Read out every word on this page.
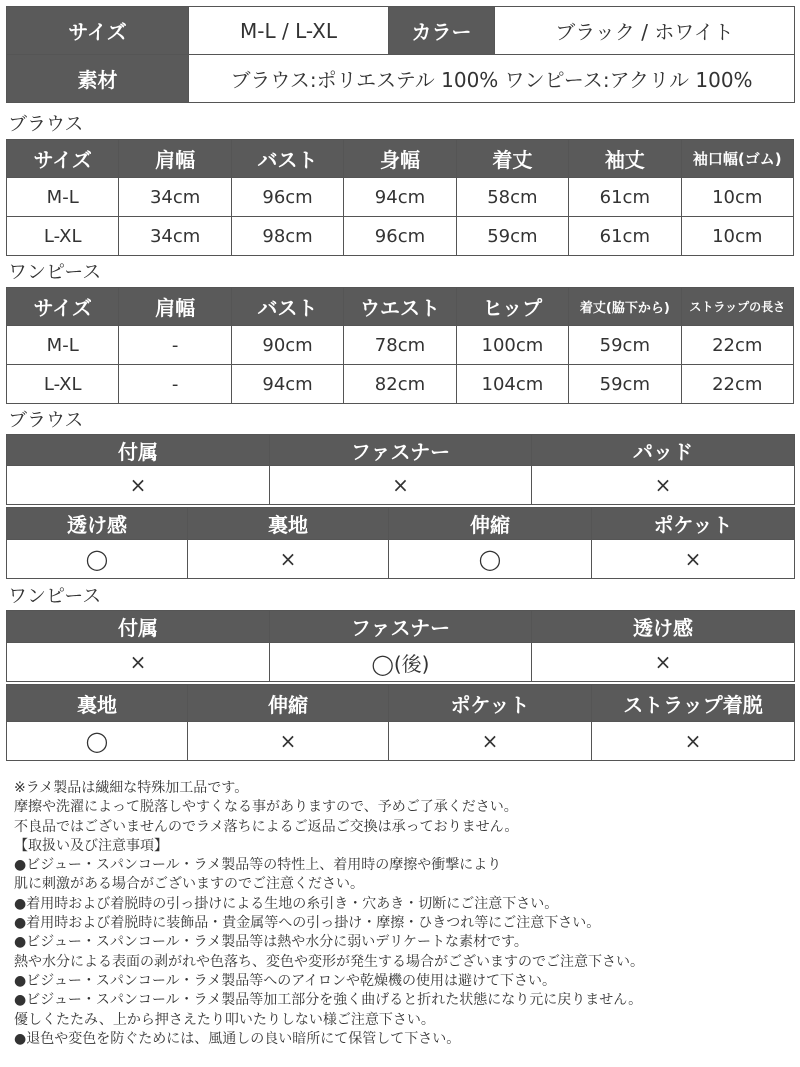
サイズ	M-L / L-XL	カラー	ブラック / ホワイト
素材	ブラウス:ポリエステル 100% ワンピース:アクリル 100%		
ブラウス
サイズ	肩幅	バスト	身幅	着丈	袖丈	袖口幅(ゴム)
M-L	34cm	96cm	94cm	58cm	61cm	10cm
L-XL	34cm	98cm	96cm	59cm	61cm	10cm
ワンピース
サイズ	肩幅	バスト	ウエスト	ヒップ	着丈(脇下から)	ストラップの長さ
M-L	-	90cm	78cm	100cm	59cm	22cm
L-XL	-	94cm	82cm	104cm	59cm	22cm
ブラウス
付属	ファスナー	パッド
×	×	×
透け感	裏地	伸縮	ポケット
◯	×	◯	×
ワンピース
付属	ファスナー	透け感
×	◯(後)	×
裏地	伸縮	ポケット	ストラップ着脱
◯	×	×	×
※ラメ製品は繊細な特殊加工品です。
摩擦や洗濯によって脱落しやすくなる事がありますので、予めご了承ください。
不良品ではございませんのでラメ落ちによるご返品ご交換は承っておりません。
【取扱い及び注意事項】
●ビジュー・スパンコール・ラメ製品等の特性上、着用時の摩擦や衝撃により
肌に刺激がある場合がございますのでご注意ください。
●着用時および着脱時の引っ掛けによる生地の糸引き・穴あき・切断にご注意下さい。
●着用時および着脱時に装飾品・貴金属等への引っ掛け・摩擦・ひきつれ等にご注意下さい。
●ビジュー・スパンコール・ラメ製品等は熱や水分に弱いデリケートな素材です。
熱や水分による表面の剥がれや色落ち、変色や変形が発生する場合がございますのでご注意下さい。
●ビジュー・スパンコール・ラメ製品等へのアイロンや乾燥機の使用は避けて下さい。
●ビジュー・スパンコール・ラメ製品等加工部分を強く曲げると折れた状態になり元に戻りません。
優しくたたみ、上から押さえたり叩いたりしない様ご注意下さい。
●退色や変色を防ぐためには、風通しの良い暗所にて保管して下さい。
